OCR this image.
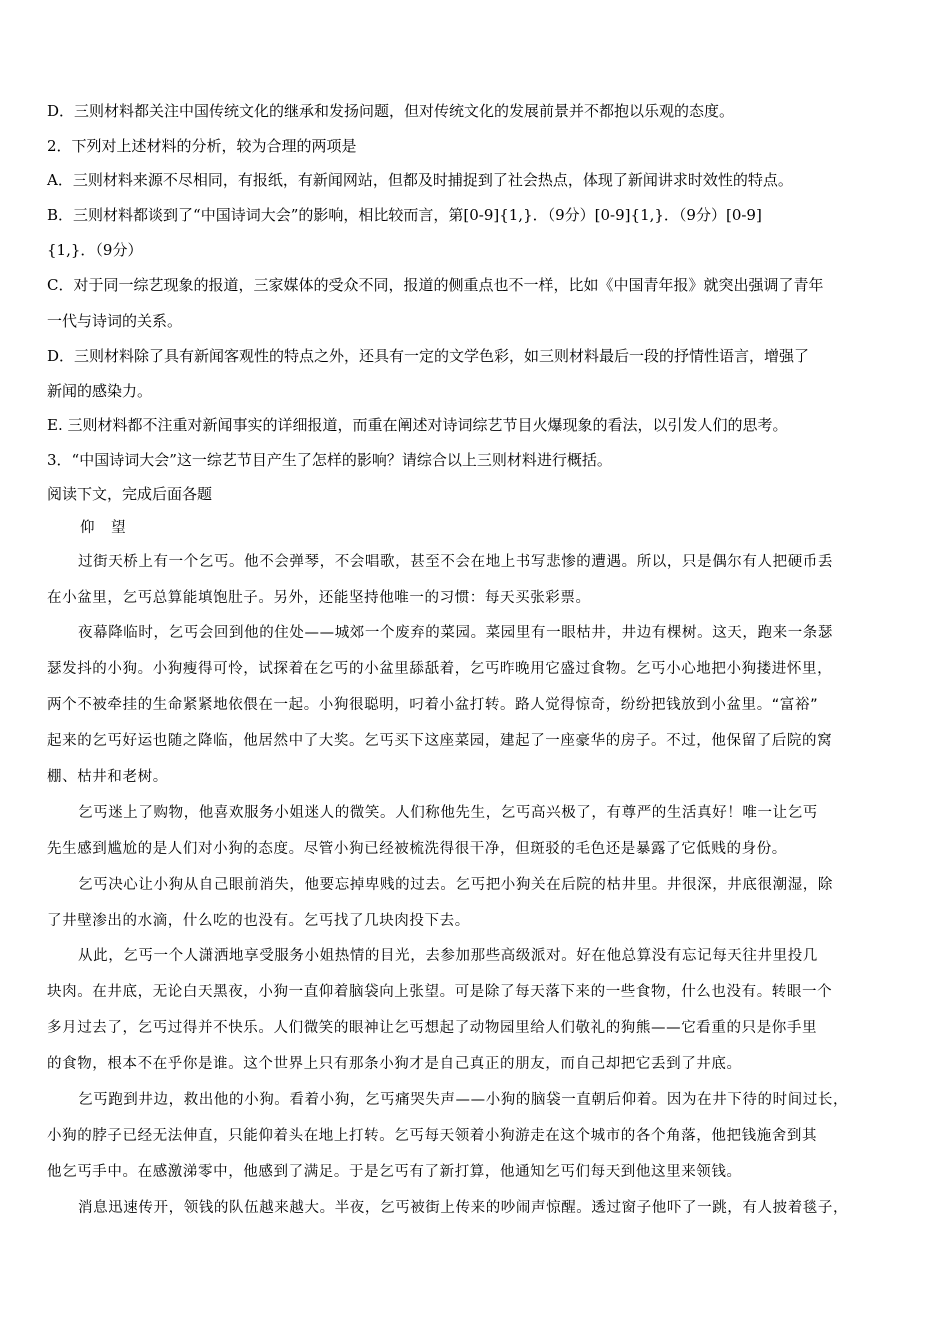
D．三则材料都关注中国传统文化的继承和发扬问题，但对传统文化的发展前景并不都抱以乐观的态度。
2．下列对上述材料的分析，较为合理的两项是
A．三则材料来源不尽相同，有报纸，有新闻网站，但都及时捕捉到了社会热点，体现了新闻讲求时效性的特点。
B．三则材料都谈到了“中国诗词大会”的影响，相比较而言，第[0-9]{1,}．（9分）[0-9]{1,}．（9分）[0-9]
{1,}．（9分）
C．对于同一综艺现象的报道，三家媒体的受众不同，报道的侧重点也不一样，比如《中国青年报》就突出强调了青年
一代与诗词的关系。
D．三则材料除了具有新闻客观性的特点之外，还具有一定的文学色彩，如三则材料最后一段的抒情性语言，增强了
新闻的感染力。
E. 三则材料都不注重对新闻事实的详细报道，而重在阐述对诗词综艺节目火爆现象的看法，以引发人们的思考。
3．“中国诗词大会”这一综艺节目产生了怎样的影响？请综合以上三则材料进行概括。
阅读下文，完成后面各题
仰 望
过街天桥上有一个乞丐。他不会弹琴，不会唱歌，甚至不会在地上书写悲惨的遭遇。所以，只是偶尔有人把硬币丢
在小盆里，乞丐总算能填饱肚子。另外，还能坚持他唯一的习惯：每天买张彩票。
夜幕降临时，乞丐会回到他的住处——城郊一个废弃的菜园。菜园里有一眼枯井，井边有棵树。这天，跑来一条瑟
瑟发抖的小狗。小狗瘦得可怜，试探着在乞丐的小盆里舔舐着，乞丐昨晚用它盛过食物。乞丐小心地把小狗搂进怀里，
两个不被牵挂的生命紧紧地依偎在一起。小狗很聪明，叼着小盆打转。路人觉得惊奇，纷纷把钱放到小盆里。“富裕”
起来的乞丐好运也随之降临，他居然中了大奖。乞丐买下这座菜园，建起了一座豪华的房子。不过，他保留了后院的窝
棚、枯井和老树。
乞丐迷上了购物，他喜欢服务小姐迷人的微笑。人们称他先生，乞丐高兴极了，有尊严的生活真好！唯一让乞丐
先生感到尴尬的是人们对小狗的态度。尽管小狗已经被梳洗得很干净，但斑驳的毛色还是暴露了它低贱的身份。
乞丐决心让小狗从自己眼前消失，他要忘掉卑贱的过去。乞丐把小狗关在后院的枯井里。井很深，井底很潮湿，除
了井壁渗出的水滴，什么吃的也没有。乞丐找了几块肉投下去。
从此，乞丐一个人潇洒地享受服务小姐热情的目光，去参加那些高级派对。好在他总算没有忘记每天往井里投几
块肉。在井底，无论白天黑夜，小狗一直仰着脑袋向上张望。可是除了每天落下来的一些食物，什么也没有。转眼一个
多月过去了，乞丐过得并不快乐。人们微笑的眼神让乞丐想起了动物园里给人们敬礼的狗熊——它看重的只是你手里
的食物，根本不在乎你是谁。这个世界上只有那条小狗才是自己真正的朋友，而自己却把它丢到了井底。
乞丐跑到井边，救出他的小狗。看着小狗，乞丐痛哭失声——小狗的脑袋一直朝后仰着。因为在井下待的时间过长，
小狗的脖子已经无法伸直，只能仰着头在地上打转。乞丐每天领着小狗游走在这个城市的各个角落，他把钱施舍到其
他乞丐手中。在感激涕零中，他感到了满足。于是乞丐有了新打算，他通知乞丐们每天到他这里来领钱。
消息迅速传开，领钱的队伍越来越大。半夜，乞丐被街上传来的吵闹声惊醒。透过窗子他吓了一跳，有人披着毯子，
